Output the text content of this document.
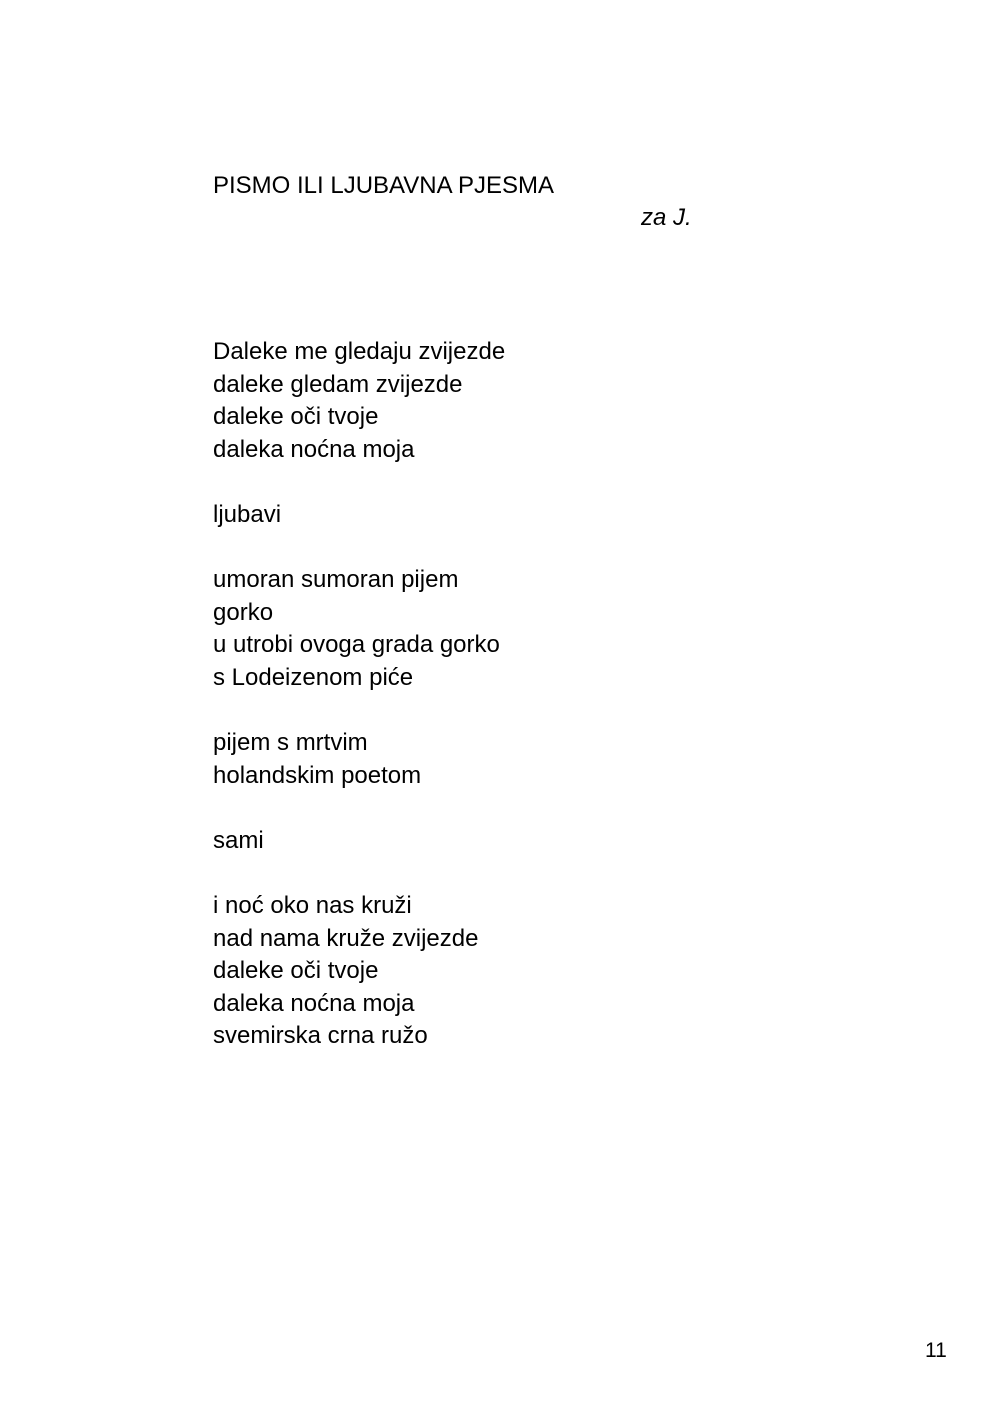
PISMO ILI LJUBAVNA PJESMA
za J.
Daleke me gledaju zvijezde
daleke gledam zvijezde
daleke oči tvoje
daleka noćna moja
ljubavi
umoran sumoran pijem
gorko
u utrobi ovoga grada gorko
s Lodeizenom piće
pijem s mrtvim
holandskim poetom
sami
i noć oko nas kruži
nad nama kruže zvijezde
daleke oči tvoje
daleka noćna moja
svemirska crna ružo
11
